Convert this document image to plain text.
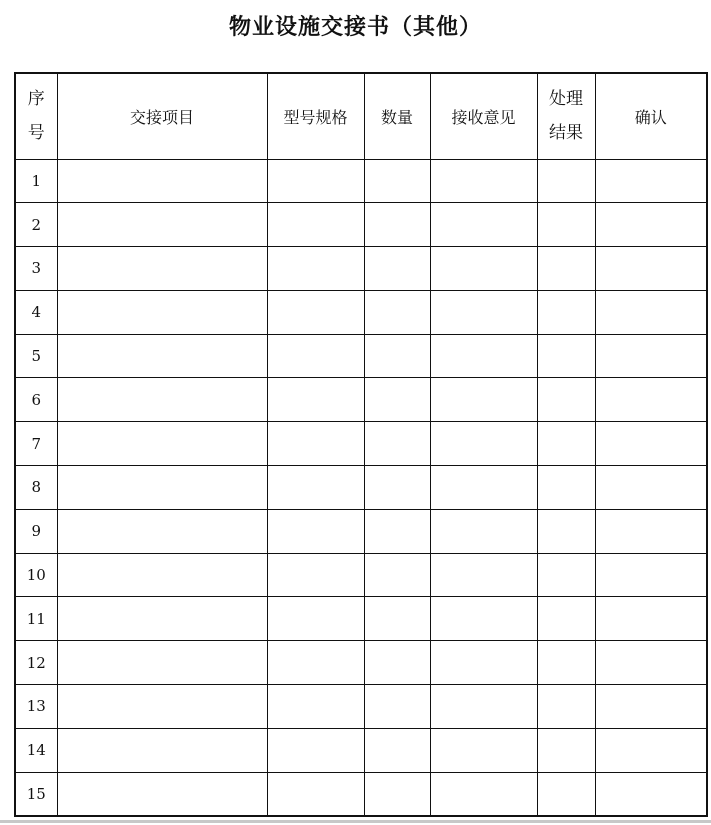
物业设施交接书（其他）
序号	交接项目	型号规格	数量	接收意见	处理结果	确认
1						
2						
3						
4						
5						
6						
7						
8						
9						
10						
11						
12						
13						
14						
15						
